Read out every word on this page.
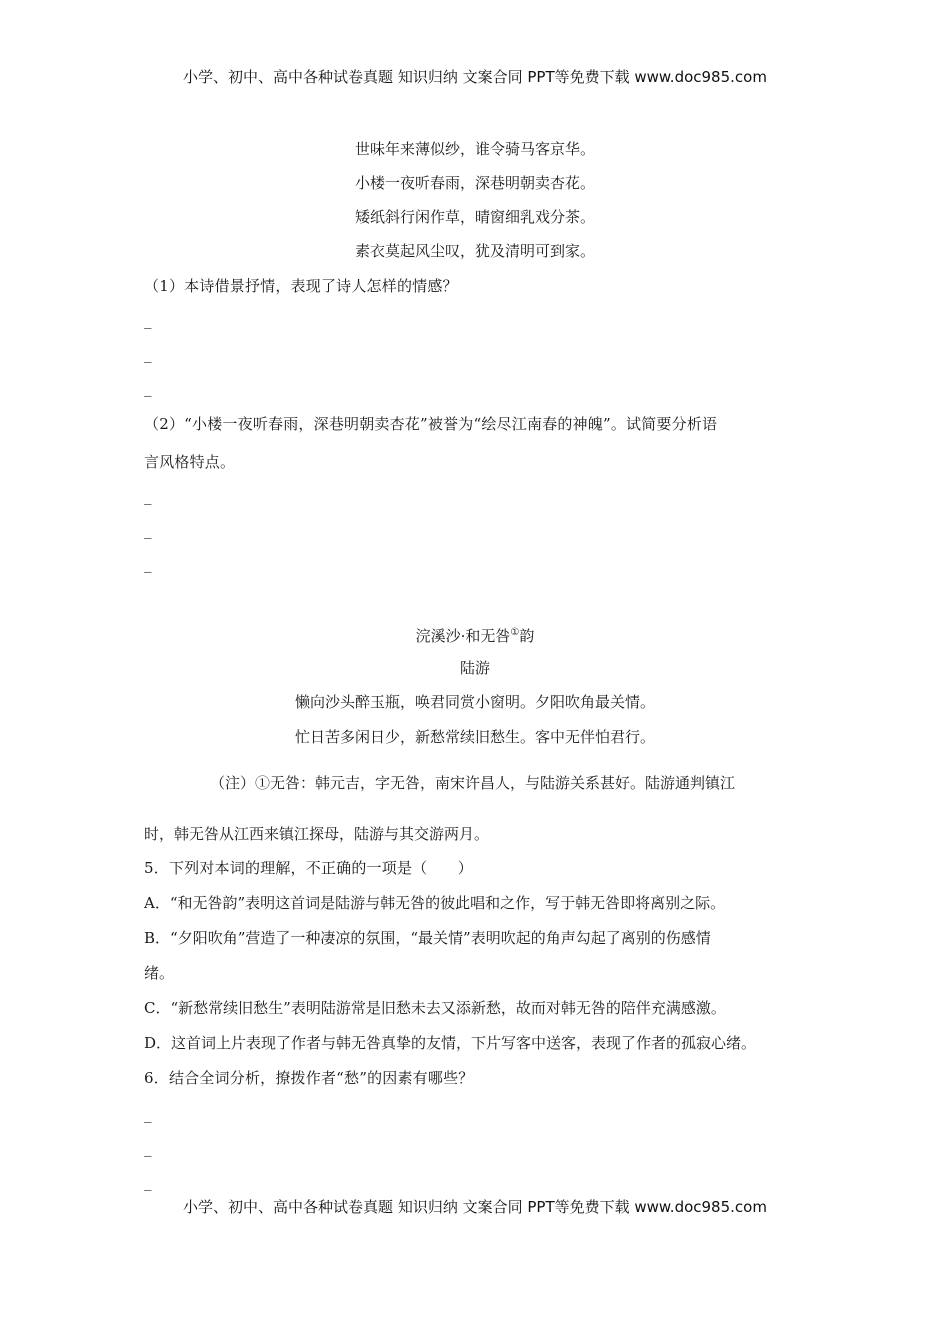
小学、初中、高中各种试卷真题 知识归纳 文案合同 PPT等免费下载 www.doc985.com
世味年来薄似纱，谁令骑马客京华。
小楼一夜听春雨，深巷明朝卖杏花。
矮纸斜行闲作草，晴窗细乳戏分茶。
素衣莫起风尘叹，犹及清明可到家。
（1）本诗借景抒情，表现了诗人怎样的情感？
_
_
_
（2）“小楼一夜听春雨，深巷明朝卖杏花”被誉为“绘尽江南春的神魄”。试简要分析语
言风格特点。
_
_
_
浣溪沙·和无咎①韵
陆游
懒向沙头醉玉瓶，唤君同赏小窗明。夕阳吹角最关情。
忙日苦多闲日少，新愁常续旧愁生。客中无伴怕君行。
（注）①无咎：韩元吉，字无咎，南宋许昌人，与陆游关系甚好。陆游通判镇江
时，韩无咎从江西来镇江探母，陆游与其交游两月。
5．下列对本词的理解，不正确的一项是（　　）
A．“和无咎韵”表明这首词是陆游与韩无咎的彼此唱和之作，写于韩无咎即将离别之际。
B．“夕阳吹角”营造了一种凄凉的氛围，“最关情”表明吹起的角声勾起了离别的伤感情
绪。
C．“新愁常续旧愁生”表明陆游常是旧愁未去又添新愁，故而对韩无咎的陪伴充满感激。
D．这首词上片表现了作者与韩无咎真挚的友情，下片写客中送客，表现了作者的孤寂心绪。
6．结合全词分析，撩拨作者“愁”的因素有哪些？
_
_
_
小学、初中、高中各种试卷真题 知识归纳 文案合同 PPT等免费下载 www.doc985.com
